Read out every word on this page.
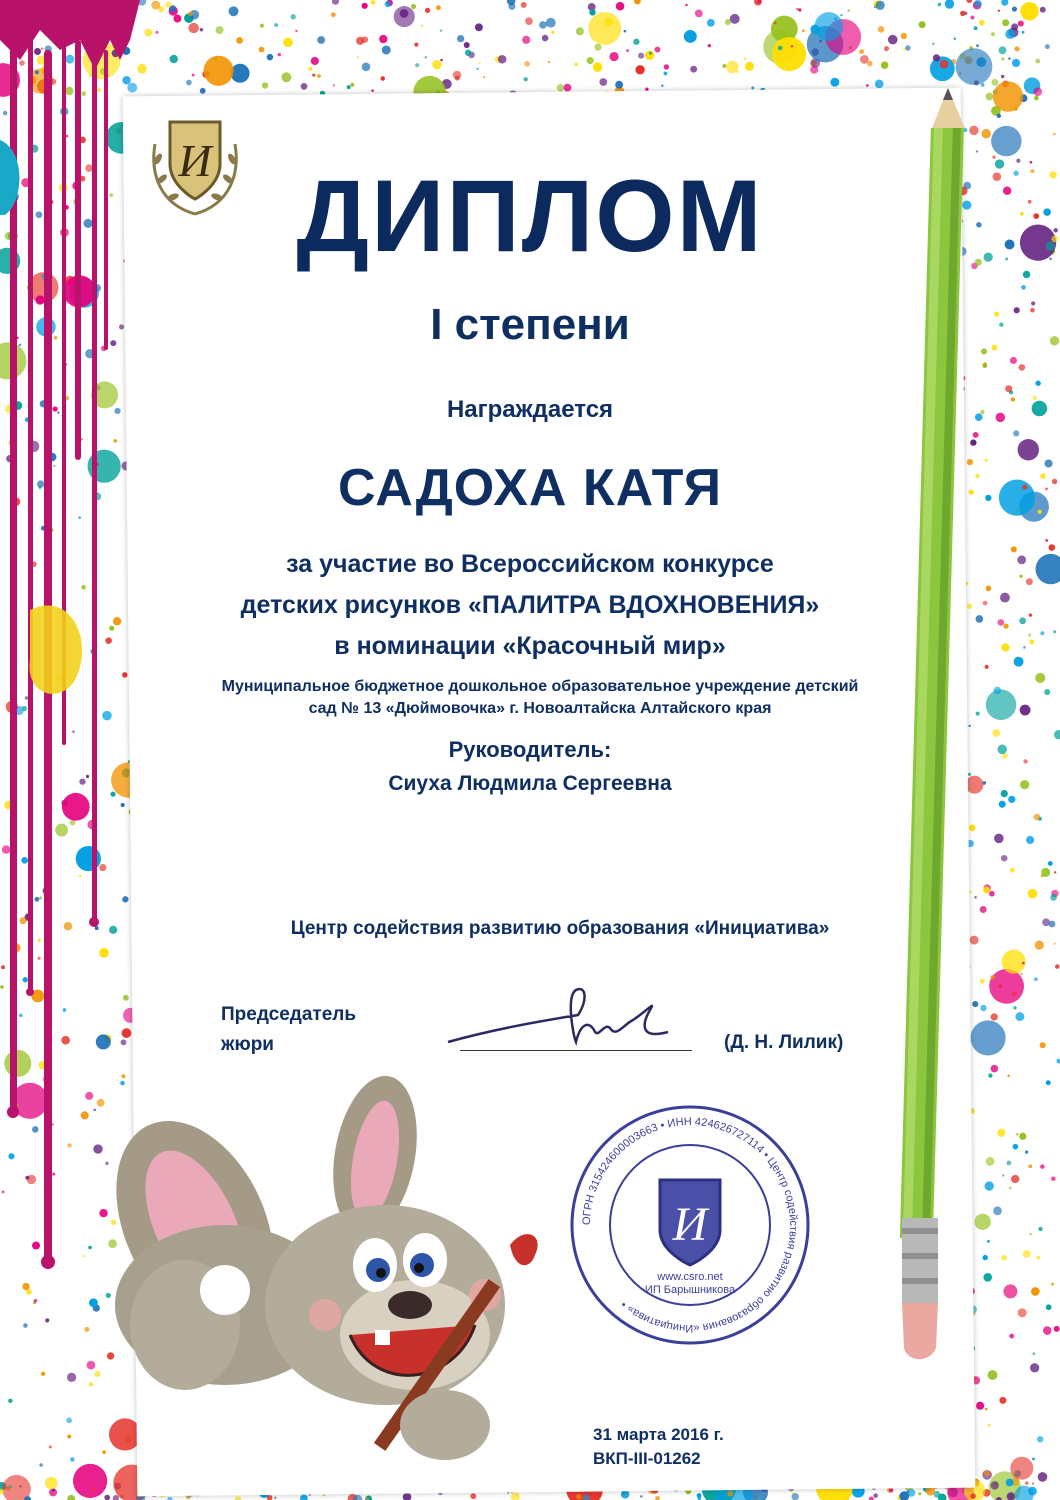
И ДИПЛОМ
I степени
Награждается
САДОХА КАТЯ
за участие во Всероссийском конкурсе
детских рисунков «ПАЛИТРА ВДОХНОВЕНИЯ»
в номинации «Красочный мир»
Муниципальное бюджетное дошкольное образовательное учреждение детский
сад № 13 «Дюймовочка» г. Новоалтайска Алтайского края
Руководитель:
Сиуха Людмила Сергеевна
Центр содействия развитию образования «Инициатива»
Председатель
жюри	(Д. Н. Лилик)
ОГРН 315424600003663 • ИНН 424626727114 • Центр содействия развитию образования «Инициатива» •
И
www.csro.net
ИП Барышникова
31 марта 2016 г.
ВКП-III-01262
